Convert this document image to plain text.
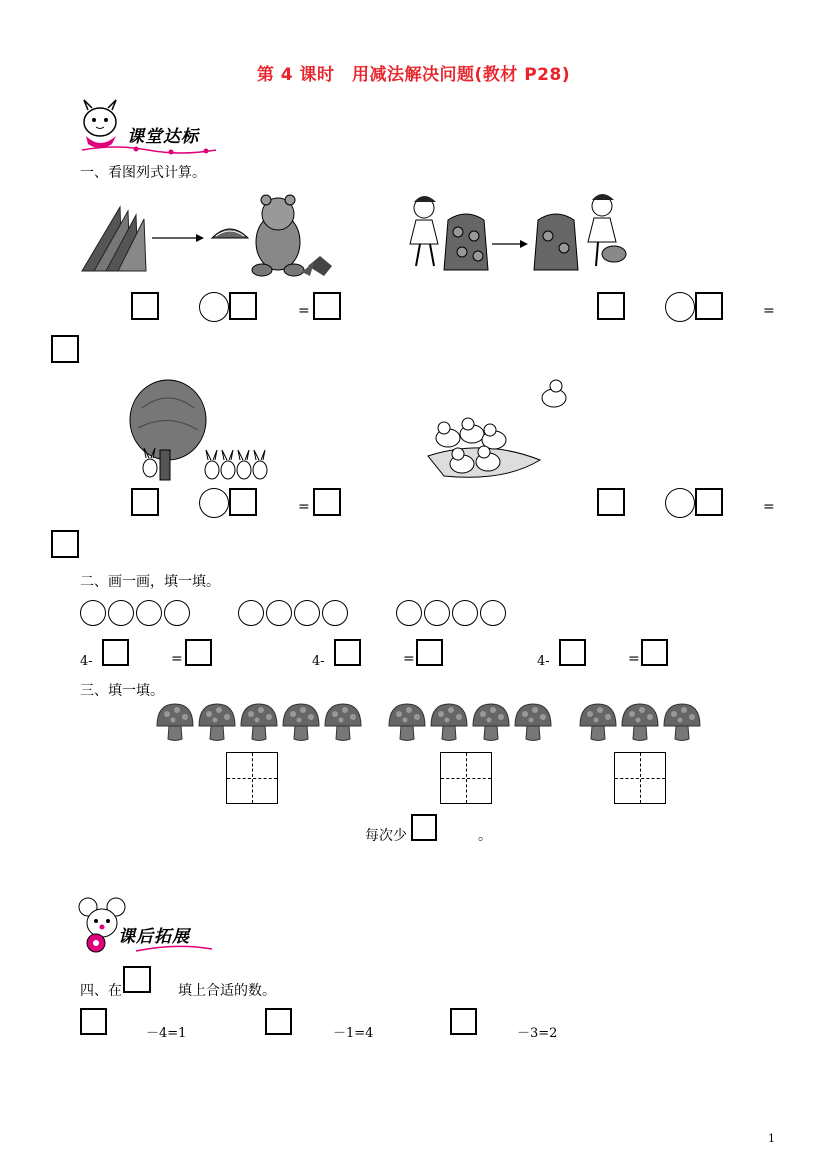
第 4 课时　用减法解决问题(教材 P28)
课堂达标
一、看图列式计算。
=	=
=	=
二、画一画，填一填。
4-	=	4-	=	4-	=
三、填一填。
每次少	。
课后拓展
四、在	填上合适的数。
－4=1	－1=4	－3=2
1
